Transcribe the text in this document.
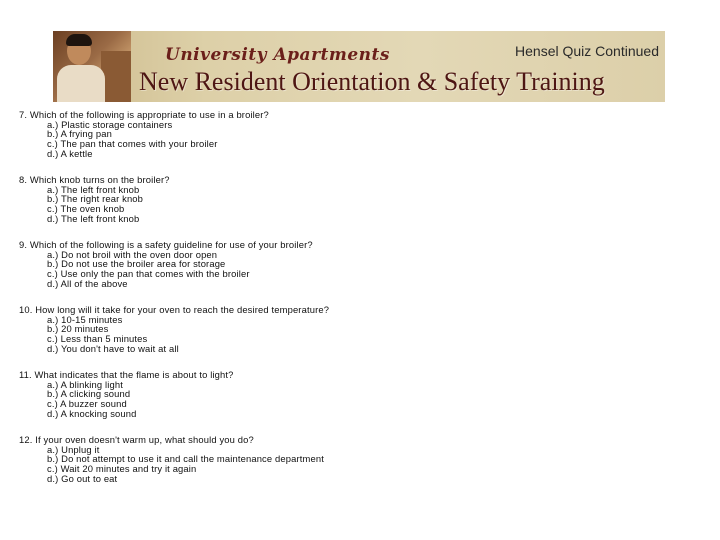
University Apartments
New Resident Orientation & Safety Training
Hensel Quiz Continued
7. Which of the following is appropriate to use in a broiler?
a.) Plastic storage containers
b.) A frying pan
c.) The pan that comes with your broiler
d.) A kettle
8. Which knob turns on the broiler?
a.) The left front knob
b.) The right rear knob
c.) The oven knob
d.) The left front knob
9. Which of the following is a safety guideline for use of your broiler?
a.) Do not broil with the oven door open
b.) Do not use the broiler area for storage
c.) Use only the pan that comes with the broiler
d.) All of the above
10. How long will it take for your oven to reach the desired temperature?
a.) 10-15 minutes
b.) 20 minutes
c.) Less than 5 minutes
d.) You don't have to wait at all
11. What indicates that the flame is about to light?
a.) A blinking light
b.) A clicking sound
c.) A buzzer sound
d.) A knocking sound
12. If your oven doesn't warm up, what should you do?
a.) Unplug it
b.) Do not attempt to use it and call the maintenance department
c.) Wait 20 minutes and try it again
d.) Go out to eat
